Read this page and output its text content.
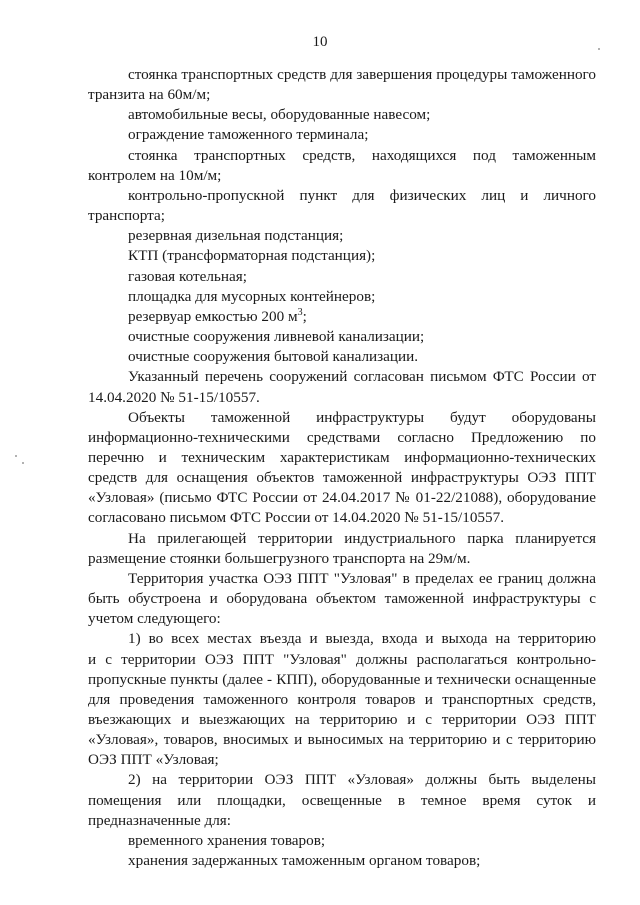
10

стоянка транспортных средств для завершения процедуры таможенного

транзита на 60м/м;

автомобильные весы, оборудованные навесом;

ограждение таможенного терминала;

стоянка транспортных средств, находящихся под таможенным

контролем на 10м/м;

контрольно-пропускной пункт для физических лиц и личного

транспорта;

резервная дизельная подстанция;

КТП (трансформаторная подстанция);

газовая котельная;

площадка для мусорных контейнеров;

резервуар емкостью 200 $м^3$;

очистные сооружения ливневой канализации;

очистные сооружения бытовой канализации.

Указанный перечень сооружений согласован письмом ФТС России от

14.04.2020 № 51-15/10557.

Объекты таможенной инфраструктуры будут оборудованы

информационно-техническими средствами согласно Предложению по

перечню и техническим характеристикам информационно-технических

средств для оснащения объектов таможенной инфраструктуры ОЭЗ ППТ

«Узловая» (письмо ФТС России от 24.04.2017 № 01-22/21088), оборудование

согласовано письмом ФТС России от 14.04.2020 № 51-15/10557.

На прилегающей территории индустриального парка планируется

размещение стоянки большегрузного транспорта на 29м/м.

Территория участка ОЭЗ ППТ "Узловая" в пределах ее границ должна

быть обустроена и оборудована объектом таможенной инфраструктуры с

учетом следующего:

1) во всех местах въезда и выезда, входа и выхода на территорию

и с территории ОЭЗ ППТ "Узловая" должны располагаться контрольно-

пропускные пункты (далее - КПП), оборудованные и технически оснащенные

для проведения таможенного контроля товаров и транспортных средств,

въезжающих и выезжающих на территорию и с территории ОЭЗ ППТ

«Узловая», товаров, вносимых и выносимых на территорию и с территорию

ОЭЗ ППТ «Узловая;

2) на территории ОЭЗ ППТ «Узловая» должны быть выделены

помещения или площадки, освещенные в темное время суток и

предназначенные для:

временного хранения товаров;

хранения задержанных таможенным органом товаров;
